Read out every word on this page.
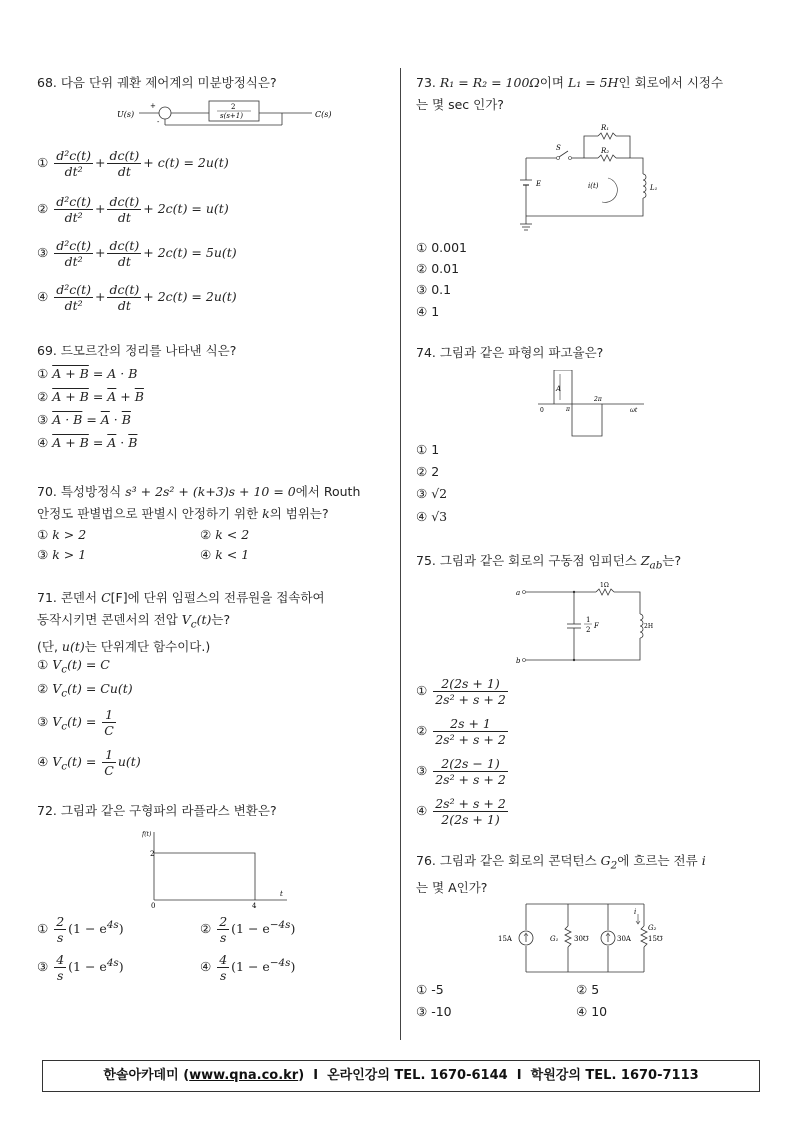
68. 다음 단위 궤환 제어계의 미분방정식은?
U(s)
+	2
s(s+1)	C(s)
-
① $\frac{\text{d²c(t)}}{\text{dt²}} + \frac{dc(t)}{dt} + c(t) = 2u(t)$
② $\frac{\text{d²c(t)}}{\text{dt²}} + \frac{dc(t)}{dt} + 2c(t) = u(t)$
③ $\frac{\text{d²c(t)}}{\text{dt²}} + \frac{dc(t)}{dt} + 2c(t) = 5u(t)$
④ $\frac{\text{d²c(t)}}{\text{dt²}} + \frac{dc(t)}{dt} + 2c(t) = 2u(t)$
69. 드모르간의 정리를 나타낸 식은?
① A + B = A · B
② $A + B = \overline{A} + \overline{B}$
③ $A \cdot B = \overline{A} \cdot \overline{B}$
④ $A + B = \overline{A} \cdot \overline{B}$
70. 특성방정식 s³ + 2s² + (k+3)s + 10 = 0에서 Routh
안정도 판별법으로 판별시 안정하기 위한 k의 범위는?
① k > 2	② k < 2
③ k > 1	④ k < 1
71. 콘덴서 C[F]에 단위 임펄스의 전류원을 접속하여
동작시키면 콘덴서의 전압 $V_c(t)$는?
(단, u(t)는 단위계단 함수이다.)
① $V_c(t) = C$
② $V_c(t) = Cu(t)$
③ $V_c(t) = \frac{1}{C}$
④ $V_c(t) = \frac{1}{C} u(t)$
72. 그림과 같은 구형파의 라플라스 변환은?
f(t)
2
0	4
t
① $\frac{2}{s} (1 - e^{4s})$	② $\frac{2}{s} (1 - e^{-4s})$
③ $\frac{4}{s} (1 - e^{4s})$	④ $\frac{4}{s} (1 - e^{-4s})$
73. R₁ = R₂ = 100Ω이며 L₁ = 5H인 회로에서 시정수
는 몇 sec 인가?
S
R₁
R₂
L₁
E	i(t)
① 0.001
② 0.01
③ 0.1
④ 1
74. 그림과 같은 파형의 파고율은?
A
0	π
2π
ωt
① 1
② 2
③ √2
④ √3
75. 그림과 같은 회로의 구동점 임피던스 $Z_{ab}$는?
a
1Ω
2H
b
1
2 F
① $\frac{2(2s + 1)}{\text{2s² + s + 2}}$
② $\frac{2s + 1}{\text{2s² + s + 2}}$
③ $\frac{2(2s - 1)}{\text{2s² + s + 2}}$
④ $\frac{\text{2s² + s + 2}}{2(2s + 1)}$
76. 그림과 같은 회로의 콘덕턴스 $G_2$에 흐르는 전류 i
는 몇 A인가?
15A	G₁ 30℧	30A
i
G₂
15℧
① -5	② 5
③ -10	④ 10
한솔아카데미 (www.qna.co.kr)  I 온라인강의 TEL. 1670-6144 I 학원강의 TEL. 1670-7113
